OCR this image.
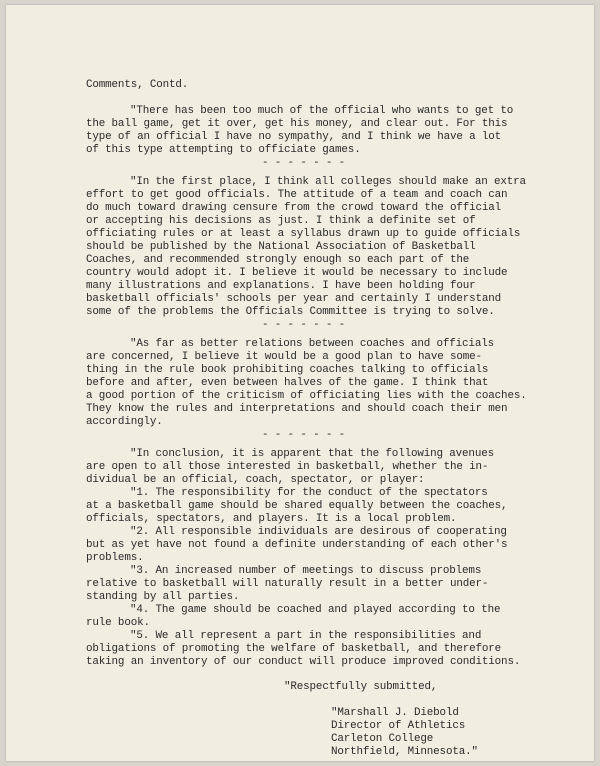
Comments, Contd.

"There has been too much of the official who wants to get to

the ball game, get it over, get his money, and clear out. For this

type of an official I have no sympathy, and I think we have a lot

of this type attempting to officiate games.

- - - - - - -

"In the first place, I think all colleges should make an extra

effort to get good officials. The attitude of a team and coach can

do much toward drawing censure from the crowd toward the official

or accepting his decisions as just. I think a definite set of

officiating rules or at least a syllabus drawn up to guide officials

should be published by the National Association of Basketball

Coaches, and recommended strongly enough so each part of the

country would adopt it. I believe it would be necessary to include

many illustrations and explanations. I have been holding four

basketball officials' schools per year and certainly I understand

some of the problems the Officials Committee is trying to solve.

- - - - - - -

"As far as better relations between coaches and officials

are concerned, I believe it would be a good plan to have some-

thing in the rule book prohibiting coaches talking to officials

before and after, even between halves of the game. I think that

a good portion of the criticism of officiating lies with the coaches.

They know the rules and interpretations and should coach their men

accordingly.

- - - - - - -

"In conclusion, it is apparent that the following avenues

are open to all those interested in basketball, whether the in-

dividual be an official, coach, spectator, or player:

"1. The responsibility for the conduct of the spectators

at a basketball game should be shared equally between the coaches,

officials, spectators, and players. It is a local problem.

"2. All responsible individuals are desirous of cooperating

but as yet have not found a definite understanding of each other's

problems.

"3. An increased number of meetings to discuss problems

relative to basketball will naturally result in a better under-

standing by all parties.

"4. The game should be coached and played according to the

rule book.

"5. We all represent a part in the responsibilities and

obligations of promoting the welfare of basketball, and therefore

taking an inventory of our conduct will produce improved conditions.

"Respectfully submitted,

"Marshall J. Diebold

Director of Athletics

Carleton College

Northfield, Minnesota."
